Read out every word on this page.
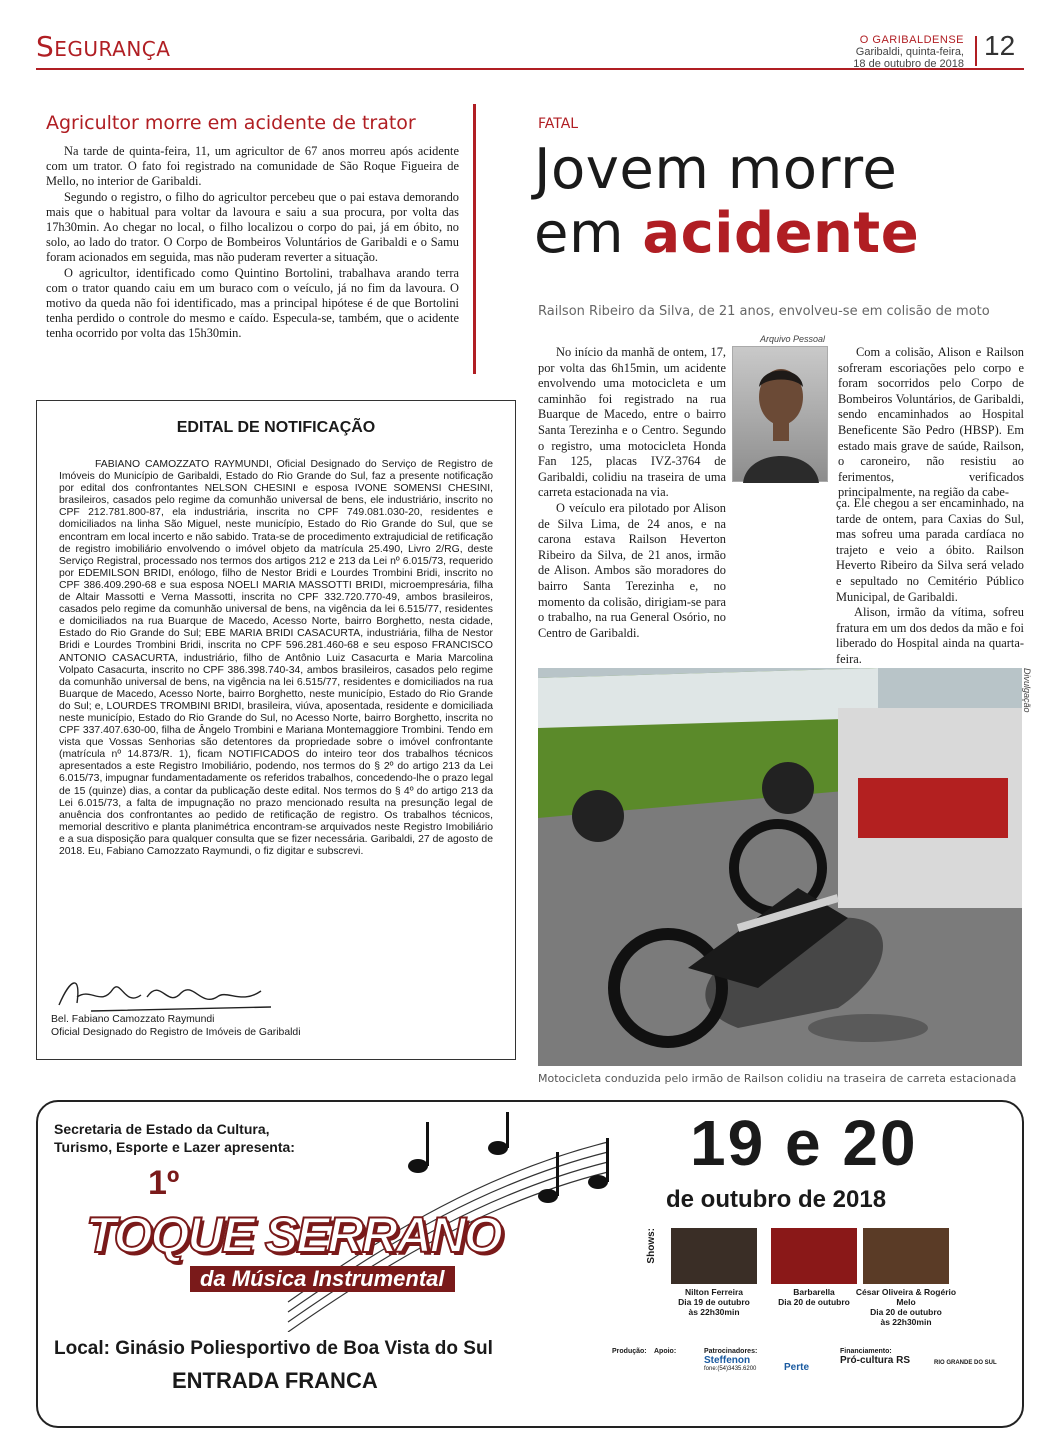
Segurança	O GARIBALDENSE
Garibaldi, quinta-feira,
18 de outubro de 2018
12
Agricultor morre em acidente de trator

Na tarde de quinta-feira, 11, um agricultor de 67 anos morreu após acidente com um trator. O fato foi registrado na comunidade de São Roque Figueira de Mello, no interior de Garibaldi.

Segundo o registro, o filho do agricultor percebeu que o pai estava demorando mais que o habitual para voltar da lavoura e saiu a sua procura, por volta das 17h30min. Ao chegar no local, o filho localizou o corpo do pai, já em óbito, no solo, ao lado do trator. O Corpo de Bombeiros Voluntários de Garibaldi e o Samu foram acionados em seguida, mas não puderam reverter a situação.

O agricultor, identificado como Quintino Bortolini, trabalhava arando terra com o trator quando caiu em um buraco com o veículo, já no fim da lavoura. O motivo da queda não foi identificado, mas a principal hipótese é de que Bortolini tenha perdido o controle do mesmo e caído. Especula-se, também, que o acidente tenha ocorrido por volta das 15h30min.

EDITAL DE NOTIFICAÇÃO

FABIANO CAMOZZATO RAYMUNDI, Oficial Designado do Serviço de Registro de Imóveis do Município de Garibaldi, Estado do Rio Grande do Sul, faz a presente notificação por edital dos confrontantes NELSON CHESINI e esposa IVONE SOMENSI CHESINI, brasileiros, casados pelo regime da comunhão universal de bens, ele industriário, inscrito no CPF 212.781.800-87, ela industriária, inscrita no CPF 749.081.030-20, residentes e domiciliados na linha São Miguel, neste município, Estado do Rio Grande do Sul, que se encontram em local incerto e não sabido. Trata-se de procedimento extrajudicial de retificação de registro imobiliário envolvendo o imóvel objeto da matrícula 25.490, Livro 2/RG, deste Serviço Registral, processado nos termos dos artigos 212 e 213 da Lei nº 6.015/73, requerido por EDEMILSON BRIDI, enólogo, filho de Nestor Bridi e Lourdes Trombini Bridi, inscrito no CPF 386.409.290-68 e sua esposa NOELI MARIA MASSOTTI BRIDI, microempresária, filha de Altair Massotti e Verna Massotti, inscrita no CPF 332.720.770-49, ambos brasileiros, casados pelo regime da comunhão universal de bens, na vigência da lei 6.515/77, residentes e domiciliados na rua Buarque de Macedo, Acesso Norte, bairro Borghetto, nesta cidade, Estado do Rio Grande do Sul; EBE MARIA BRIDI CASACURTA, industriária, filha de Nestor Bridi e Lourdes Trombini Bridi, inscrita no CPF 596.281.460-68 e seu esposo FRANCISCO ANTONIO CASACURTA, industriário, filho de Antônio Luiz Casacurta e Maria Marcolina Volpato Casacurta, inscrito no CPF 386.398.740-34, ambos brasileiros, casados pelo regime da comunhão universal de bens, na vigência na lei 6.515/77, residentes e domiciliados na rua Buarque de Macedo, Acesso Norte, bairro Borghetto, neste município, Estado do Rio Grande do Sul; e, LOURDES TROMBINI BRIDI, brasileira, viúva, aposentada, residente e domiciliada neste município, Estado do Rio Grande do Sul, no Acesso Norte, bairro Borghetto, inscrita no CPF 337.407.630-00, filha de Ângelo Trombini e Mariana Montemaggiore Trombini. Tendo em vista que Vossas Senhorias são detentores da propriedade sobre o imóvel confrontante (matrícula nº 14.873/R. 1), ficam NOTIFICADOS do inteiro teor dos trabalhos técnicos apresentados a este Registro Imobiliário, podendo, nos termos do § 2º do artigo 213 da Lei 6.015/73, impugnar fundamentadamente os referidos trabalhos, concedendo-lhe o prazo legal de 15 (quinze) dias, a contar da publicação deste edital. Nos termos do § 4º do artigo 213 da Lei 6.015/73, a falta de impugnação no prazo mencionado resulta na presunção legal de anuência dos confrontantes ao pedido de retificação de registro. Os trabalhos técnicos, memorial descritivo e planta planimétrica encontram-se arquivados neste Registro Imobiliário e a sua disposição para qualquer consulta que se fizer necessária. Garibaldi, 27 de agosto de 2018. Eu, Fabiano Camozzato Raymundi, o fiz digitar e subscrevi.

Bel. Fabiano Camozzato Raymundi
Oficial Designado do Registro de Imóveis de Garibaldi
FATAL
Jovem morre
em acidente
Railson Ribeiro da Silva, de 21 anos, envolveu-se em colisão de moto

No início da manhã de ontem, 17, por volta das 6h15min, um acidente envolvendo uma motocicleta e um caminhão foi registrado na rua Buarque de Macedo, entre o bairro Santa Terezinha e o Centro. Segundo o registro, uma motocicleta Honda Fan 125, placas IVZ-3764 de Garibaldi, colidiu na traseira de uma carreta estacionada na via.

O veículo era pilotado por Alison de Silva Lima, de 24 anos, e na carona estava Railson Heverton Ribeiro da Silva, de 21 anos, irmão de Alison. Ambos são moradores do bairro Santa Terezinha e, no momento da colisão, dirigiam-se para o trabalho, na rua General Osório, no Centro de Garibaldi.

Arquivo Pessoal

Com a colisão, Alison e Railson sofreram escoriações pelo corpo e foram socorridos pelo Corpo de Bombeiros Voluntários, de Garibaldi, sendo encaminhados ao Hospital Beneficente São Pedro (HBSP). Em estado mais grave de saúde, Railson, o caroneiro, não resistiu ao ferimentos, verificados principalmente, na região da cabe-

ça. Ele chegou a ser encaminhado, na tarde de ontem, para Caxias do Sul, mas sofreu uma parada cardíaca no trajeto e veio a óbito. Railson Heverto Ribeiro da Silva será velado e sepultado no Cemitério Público Municipal, de Garibaldi.

Alison, irmão da vítima, sofreu fratura em um dos dedos da mão e foi liberado do Hospital ainda na quarta-feira.

Divulgação
Motocicleta conduzida pelo irmão de Railson colidiu na traseira de carreta estacionada
Secretaria de Estado da Cultura,
Turismo, Esporte e Lazer apresenta:
1º
TOQUE SERRANO
da Música Instrumental
Local: Ginásio Poliesportivo de Boa Vista do Sul
ENTRADA FRANCA
19 e 20
de outubro de 2018
Shows:
Nilton Ferreira
Dia 19 de outubro
às 22h30min
Barbarella
Dia 20 de outubro
César Oliveira & Rogério Melo
Dia 20 de outubro
às 22h30min
Produção: Apoio:	Patrocinadores:
Steffenon
fone:(54)3435.6200	Perte
Financiamento:
Pró-cultura RS	RIO GRANDE DO SUL
